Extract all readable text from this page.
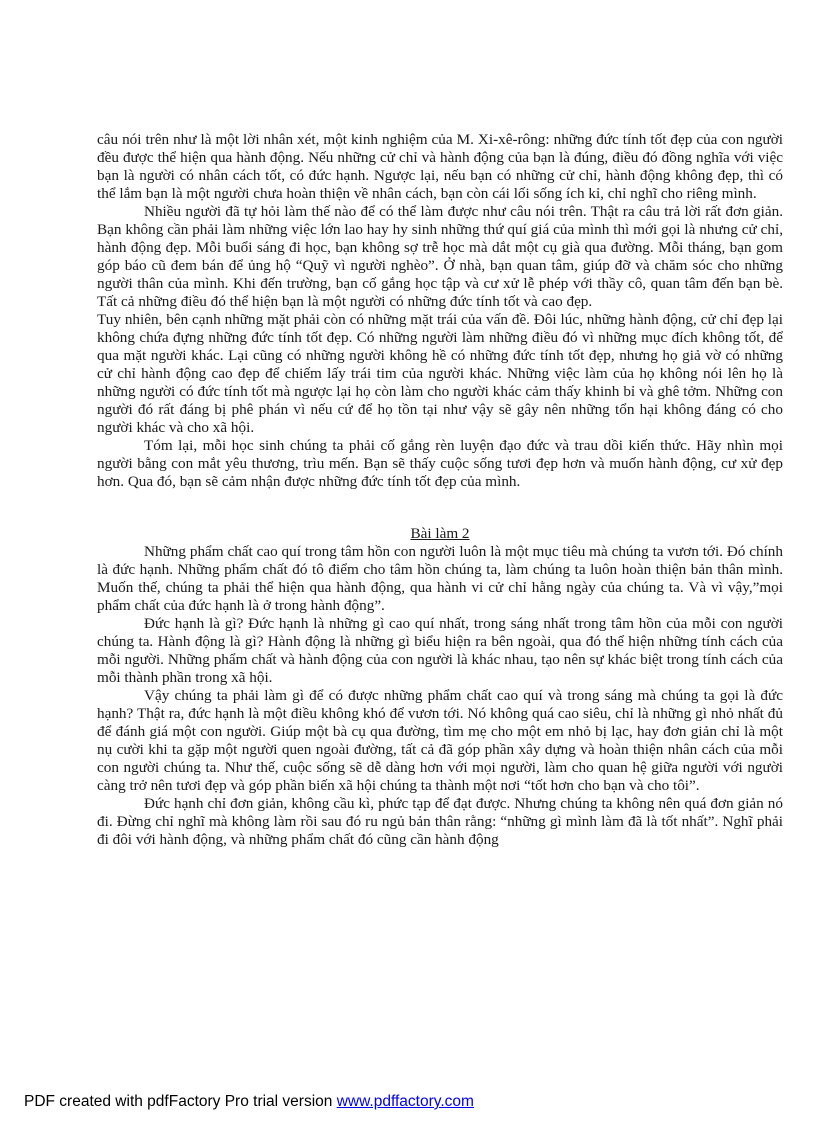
câu nói trên như là một lời nhân xét, một kinh nghiệm của M. Xi-xê-rông: những đức tính tốt đẹp của con người đều được thể hiện qua hành động. Nếu những cử chỉ và hành động của bạn là đúng, điều đó đồng nghĩa với việc bạn là người có nhân cách tốt, có đức hạnh. Ngược lại, nếu bạn có những cử chỉ, hành động không đẹp, thì có thể lắm bạn là một người chưa hoàn thiện về nhân cách, bạn còn cái lối sống ích kỉ, chỉ nghĩ cho riêng mình.

Nhiều người đã tự hỏi làm thế nào để có thể làm được như câu nói trên. Thật ra câu trả lời rất đơn giản. Bạn không cần phải làm những việc lớn lao hay hy sinh những thứ quí giá của mình thì mới gọi là nhưng cử chỉ, hành động đẹp. Mỗi buổi sáng đi học, bạn không sợ trễ học mà dắt một cụ già qua đường. Mỗi tháng, bạn gom góp báo cũ đem bán để ủng hộ “Quỹ vì người nghèo”. Ở nhà, bạn quan tâm, giúp đỡ và chăm sóc cho những người thân của mình. Khi đến trường, bạn cố gắng học tập và cư xử lễ phép với thầy cô, quan tâm đến bạn bè. Tất cả những điều đó thể hiện bạn là một người có những đức tính tốt và cao đẹp.

Tuy nhiên, bên cạnh những mặt phải còn có những mặt trái của vấn đề. Đôi lúc, những hành động, cử chỉ đẹp lại không chứa đựng những đức tính tốt đẹp. Có những người làm những điều đó vì những mục đích không tốt, để qua mặt người khác. Lại cũng có những người không hề có những đức tính tốt đẹp, nhưng họ giả vờ có những cử chỉ hành động cao đẹp để chiếm lấy trái tim của người khác. Những việc làm của họ không nói lên họ là những người có đức tính tốt mà ngược lại họ còn làm cho người khác cảm thấy khinh bỉ và ghê tởm. Những con người đó rất đáng bị phê phán vì nếu cứ để họ tồn tại như vậy sẽ gây nên những tổn hại không đáng có cho người khác và cho xã hội.

Tóm lại, mỗi học sinh chúng ta phải cố gắng rèn luyện đạo đức và trau dồi kiến thức. Hãy nhìn mọi người bằng con mắt yêu thương, trìu mến. Bạn sẽ thấy cuộc sống tươi đẹp hơn và muốn hành động, cư xử đẹp hơn. Qua đó, bạn sẽ cảm nhận được những đức tính tốt đẹp của mình.

Bài làm 2

Những phẩm chất cao quí trong tâm hồn con người luôn là một mục tiêu mà chúng ta vươn tới. Đó chính là đức hạnh. Những phẩm chất đó tô điểm cho tâm hồn chúng ta, làm chúng ta luôn hoàn thiện bản thân mình. Muốn thế, chúng ta phải thể hiện qua hành động, qua hành vi cử chỉ hằng ngày của chúng ta. Và vì vậy,”mọi phẩm chất của đức hạnh là ở trong hành động”.

Đức hạnh là gì? Đức hạnh là những gì cao quí nhất, trong sáng nhất trong tâm hồn của mỗi con người chúng ta. Hành động là gì? Hành động là những gì biểu hiện ra bên ngoài, qua đó thể hiện những tính cách của mỗi người. Những phẩm chất và hành động của con người là khác nhau, tạo nên sự khác biệt trong tính cách của mỗi thành phần trong xã hội.

Vậy chúng ta phải làm gì để có được những phẩm chất cao quí và trong sáng mà chúng ta gọi là đức hạnh? Thật ra, đức hạnh là một điều không khó để vươn tới. Nó không quá cao siêu, chỉ là những gì nhỏ nhất đủ để đánh giá một con người. Giúp một bà cụ qua đường, tìm mẹ cho một em nhỏ bị lạc, hay đơn giản chỉ là một nụ cười khi ta gặp một người quen ngoài đường, tất cả đã góp phần xây dựng và hoàn thiện nhân cách của mỗi con người chúng ta. Như thế, cuộc sống sẽ dễ dàng hơn với mọi người, làm cho quan hệ giữa người với người càng trở nên tươi đẹp và góp phần biến xã hội chúng ta thành một nơi “tốt hơn cho bạn và cho tôi”.

Đức hạnh chỉ đơn giản, không cầu kì, phức tạp để đạt được. Nhưng chúng ta không nên quá đơn giản nó đi. Đừng chỉ nghĩ mà không làm rồi sau đó ru ngủ bản thân rằng: “những gì mình làm đã là tốt nhất”. Nghĩ phải đi đôi với hành động, và những phẩm chất đó cũng cần hành động

PDF created with pdfFactory Pro trial version www.pdffactory.com
